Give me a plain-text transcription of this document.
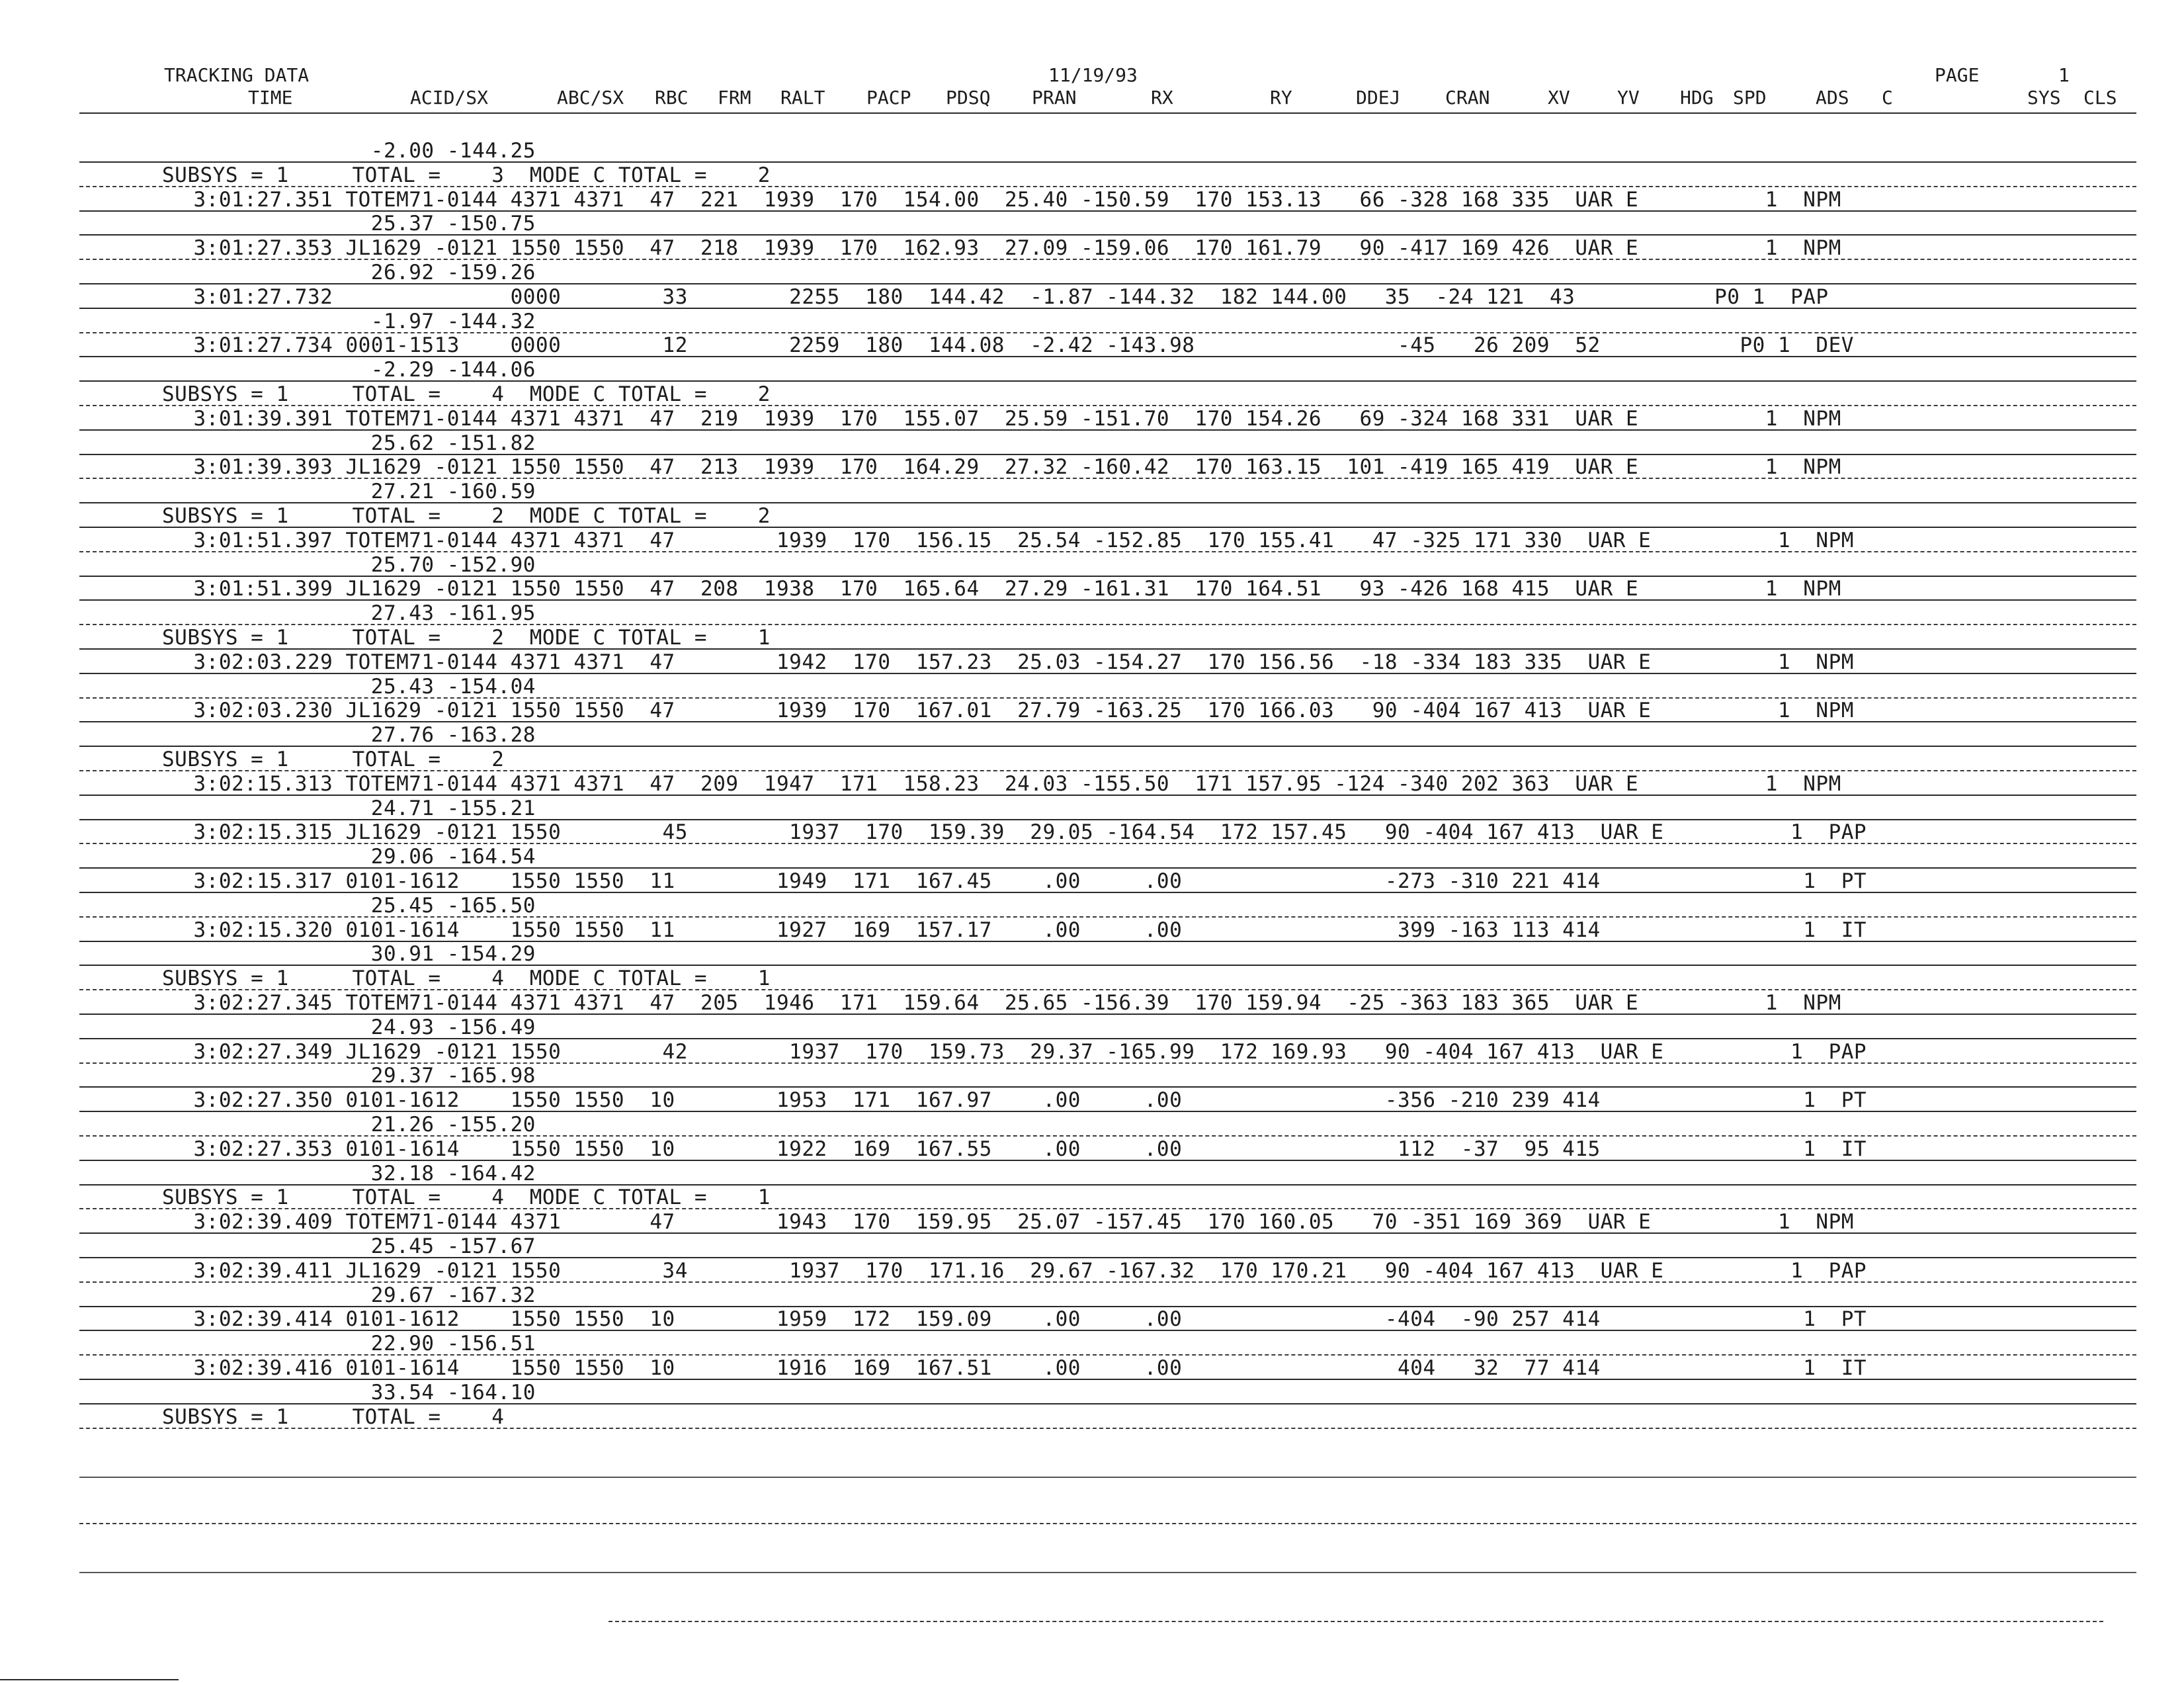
TRACKING DATA	11/19/93	PAGE	1
TIME	ACID/SX	ABC/SX RBC FRM RALT PACP PDSQ PRAN	RX	RY	DDEJ CRAN	XV	YV HDG SPD	ADS C	SYS CLS
-2.00 -144.25
SUBSYS = 1     TOTAL =    3  MODE C TOTAL =    2
3:01:27.351 TOTEM71-0144 4371 4371  47  221  1939  170  154.00  25.40 -150.59  170 153.13   66 -328 168 335  UAR E          1  NPM
25.37 -150.75
3:01:27.353 JL1629 -0121 1550 1550  47  218  1939  170  162.93  27.09 -159.06  170 161.79   90 -417 169 426  UAR E          1  NPM
26.92 -159.26
3:01:27.732              0000        33        2255  180  144.42  -1.87 -144.32  182 144.00   35  -24 121  43           P0 1  PAP
-1.97 -144.32
3:01:27.734 0001-1513    0000        12        2259  180  144.08  -2.42 -143.98                -45   26 209  52           P0 1  DEV
-2.29 -144.06
SUBSYS = 1     TOTAL =    4  MODE C TOTAL =    2
3:01:39.391 TOTEM71-0144 4371 4371  47  219  1939  170  155.07  25.59 -151.70  170 154.26   69 -324 168 331  UAR E          1  NPM
25.62 -151.82
3:01:39.393 JL1629 -0121 1550 1550  47  213  1939  170  164.29  27.32 -160.42  170 163.15  101 -419 165 419  UAR E          1  NPM
27.21 -160.59
SUBSYS = 1     TOTAL =    2  MODE C TOTAL =    2
3:01:51.397 TOTEM71-0144 4371 4371  47        1939  170  156.15  25.54 -152.85  170 155.41   47 -325 171 330  UAR E          1  NPM
25.70 -152.90
3:01:51.399 JL1629 -0121 1550 1550  47  208  1938  170  165.64  27.29 -161.31  170 164.51   93 -426 168 415  UAR E          1  NPM
27.43 -161.95
SUBSYS = 1     TOTAL =    2  MODE C TOTAL =    1
3:02:03.229 TOTEM71-0144 4371 4371  47        1942  170  157.23  25.03 -154.27  170 156.56  -18 -334 183 335  UAR E          1  NPM
25.43 -154.04
3:02:03.230 JL1629 -0121 1550 1550  47        1939  170  167.01  27.79 -163.25  170 166.03   90 -404 167 413  UAR E          1  NPM
27.76 -163.28
SUBSYS = 1     TOTAL =    2
3:02:15.313 TOTEM71-0144 4371 4371  47  209  1947  171  158.23  24.03 -155.50  171 157.95 -124 -340 202 363  UAR E          1  NPM
24.71 -155.21
3:02:15.315 JL1629 -0121 1550        45        1937  170  159.39  29.05 -164.54  172 157.45   90 -404 167 413  UAR E          1  PAP
29.06 -164.54
3:02:15.317 0101-1612    1550 1550  11        1949  171  167.45    .00     .00                -273 -310 221 414                1  PT
25.45 -165.50
3:02:15.320 0101-1614    1550 1550  11        1927  169  157.17    .00     .00                 399 -163 113 414                1  IT
30.91 -154.29
SUBSYS = 1     TOTAL =    4  MODE C TOTAL =    1
3:02:27.345 TOTEM71-0144 4371 4371  47  205  1946  171  159.64  25.65 -156.39  170 159.94  -25 -363 183 365  UAR E          1  NPM
24.93 -156.49
3:02:27.349 JL1629 -0121 1550        42        1937  170  159.73  29.37 -165.99  172 169.93   90 -404 167 413  UAR E          1  PAP
29.37 -165.98
3:02:27.350 0101-1612    1550 1550  10        1953  171  167.97    .00     .00                -356 -210 239 414                1  PT
21.26 -155.20
3:02:27.353 0101-1614    1550 1550  10        1922  169  167.55    .00     .00                 112  -37  95 415                1  IT
32.18 -164.42
SUBSYS = 1     TOTAL =    4  MODE C TOTAL =    1
3:02:39.409 TOTEM71-0144 4371       47        1943  170  159.95  25.07 -157.45  170 160.05   70 -351 169 369  UAR E          1  NPM
25.45 -157.67
3:02:39.411 JL1629 -0121 1550        34        1937  170  171.16  29.67 -167.32  170 170.21   90 -404 167 413  UAR E          1  PAP
29.67 -167.32
3:02:39.414 0101-1612    1550 1550  10        1959  172  159.09    .00     .00                -404  -90 257 414                1  PT
22.90 -156.51
3:02:39.416 0101-1614    1550 1550  10        1916  169  167.51    .00     .00                 404   32  77 414                1  IT
33.54 -164.10
SUBSYS = 1     TOTAL =    4
